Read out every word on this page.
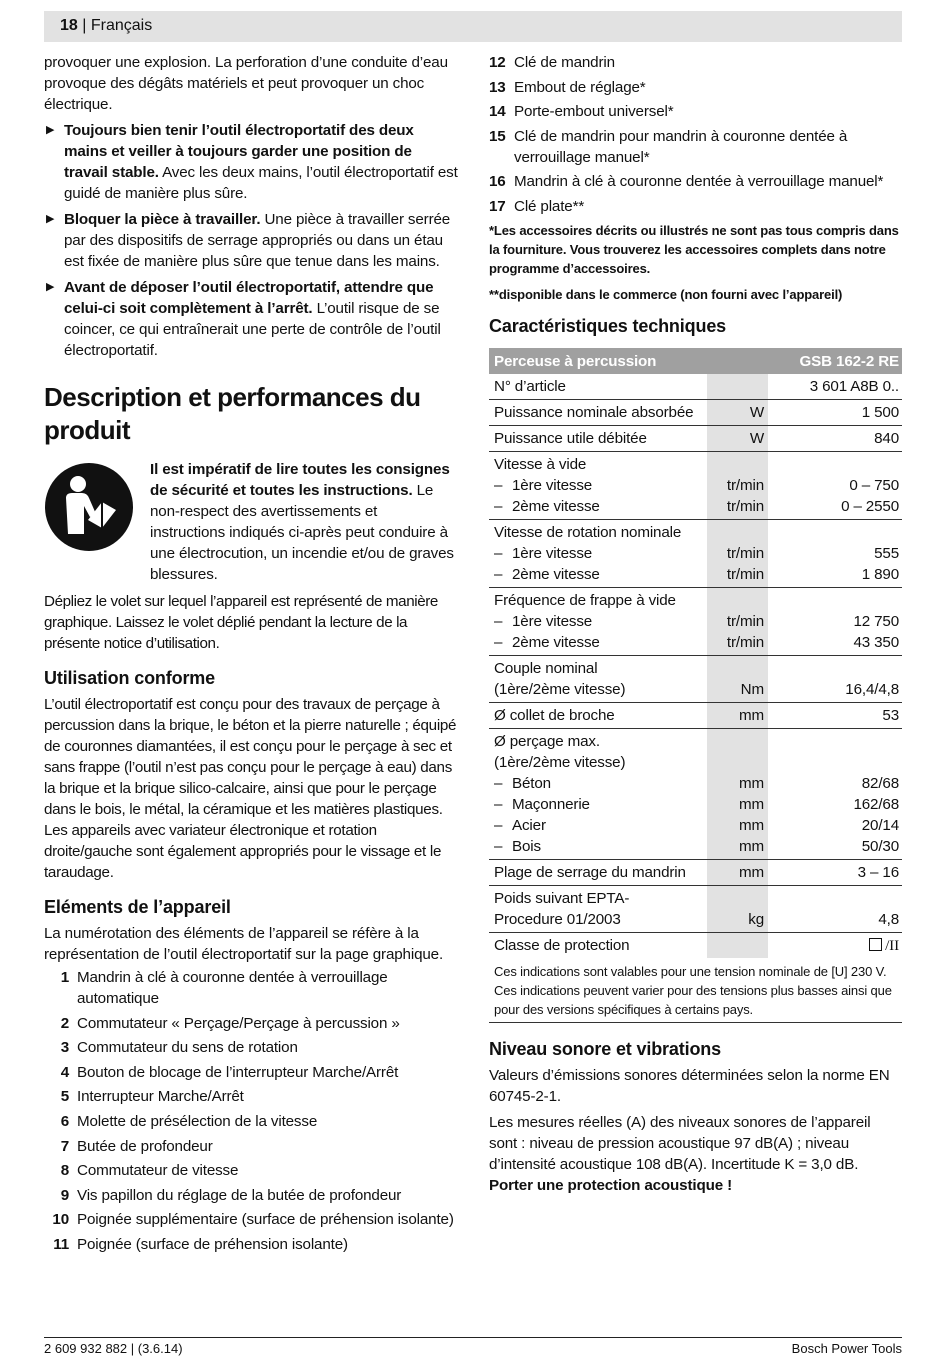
18 | Français

provoquer une explosion. La perforation d’une conduite d’eau provoque des dégâts matériels et peut provoquer un choc électrique.

▶ Toujours bien tenir l’outil électroportatif des deux mains et veiller à toujours garder une position de travail stable. Avec les deux mains, l’outil électroportatif est guidé de manière plus sûre.
▶ Bloquer la pièce à travailler. Une pièce à travailler serrée par des dispositifs de serrage appropriés ou dans un étau est fixée de manière plus sûre que tenue dans les mains.
▶ Avant de déposer l’outil électroportatif, attendre que celui-ci soit complètement à l’arrêt. L’outil risque de se coincer, ce qui entraînerait une perte de contrôle de l’outil électroportatif.
Description et performances du produit
Il est impératif de lire toutes les consignes de sécurité et toutes les instructions. Le non-respect des avertissements et instructions indiqués ci-après peut conduire à une électrocution, un incendie et/ou de graves blessures.

Dépliez le volet sur lequel l’appareil est représenté de manière graphique. Laissez le volet déplié pendant la lecture de la présente notice d’utilisation.

Utilisation conforme

L’outil électroportatif est conçu pour des travaux de perçage à percussion dans la brique, le béton et la pierre naturelle ; équipé de couronnes diamantées, il est conçu pour le perçage à sec et sans frappe (l’outil n’est pas conçu pour le perçage à eau) dans la brique et la brique silico-calcaire, ainsi que pour le perçage dans le bois, le métal, la céramique et les matières plastiques. Les appareils avec variateur électronique et rotation droite/gauche sont également appropriés pour le vissage et le taraudage.

Eléments de l’appareil

La numérotation des éléments de l’appareil se réfère à la représentation de l’outil électroportatif sur la page graphique.

1 Mandrin à clé à couronne dentée à verrouillage automatique
2 Commutateur « Perçage/Perçage à percussion »
3 Commutateur du sens de rotation
4 Bouton de blocage de l’interrupteur Marche/Arrêt
5 Interrupteur Marche/Arrêt
6 Molette de présélection de la vitesse
7 Butée de profondeur
8 Commutateur de vitesse
9 Vis papillon du réglage de la butée de profondeur
10 Poignée supplémentaire (surface de préhension isolante)
11 Poignée (surface de préhension isolante)
12 Clé de mandrin
13 Embout de réglage*
14 Porte-embout universel*
15 Clé de mandrin pour mandrin à couronne dentée à verrouillage manuel*
16 Mandrin à clé à couronne dentée à verrouillage manuel*
17 Clé plate**

*Les accessoires décrits ou illustrés ne sont pas tous compris dans la fourniture. Vous trouverez les accessoires complets dans notre programme d’accessoires.

**disponible dans le commerce (non fourni avec l’appareil)

Caractéristiques techniques
Perceuse à percussion		GSB 162-2 RE
N° d’article		3 601 A8B 0..
Puissance nominale absorbée	W	1 500
Puissance utile débitée	W	840
Vitesse à vide		
– 1ère vitesse	tr/min	0 – 750
– 2ème vitesse	tr/min	0 – 2550
Vitesse de rotation nominale		
– 1ère vitesse	tr/min	555
– 2ème vitesse	tr/min	1 890
Fréquence de frappe à vide		
– 1ère vitesse	tr/min	12 750
– 2ème vitesse	tr/min	43 350
Couple nominal (1ère/2ème vitesse)	Nm	16,4/4,8
Ø collet de broche	mm	53
Ø perçage max. (1ère/2ème vitesse)		
– Béton	mm	82/68
– Maçonnerie	mm	162/68
– Acier	mm	20/14
– Bois	mm	50/30
Plage de serrage du mandrin	mm	3 – 16
Poids suivant EPTA-Procedure 01/2003	kg	4,8
Classe de protection		/II
Ces indications sont valables pour une tension nominale de [U] 230 V. Ces indications peuvent varier pour des tensions plus basses ainsi que pour des versions spécifiques à certains pays.
Niveau sonore et vibrations

Valeurs d’émissions sonores déterminées selon la norme EN 60745-2-1.

Les mesures réelles (A) des niveaux sonores de l’appareil sont : niveau de pression acoustique 97 dB(A) ; niveau d’intensité acoustique 108 dB(A). Incertitude K = 3,0 dB.

Porter une protection acoustique !

2 609 932 882 | (3.6.14)	Bosch Power Tools
